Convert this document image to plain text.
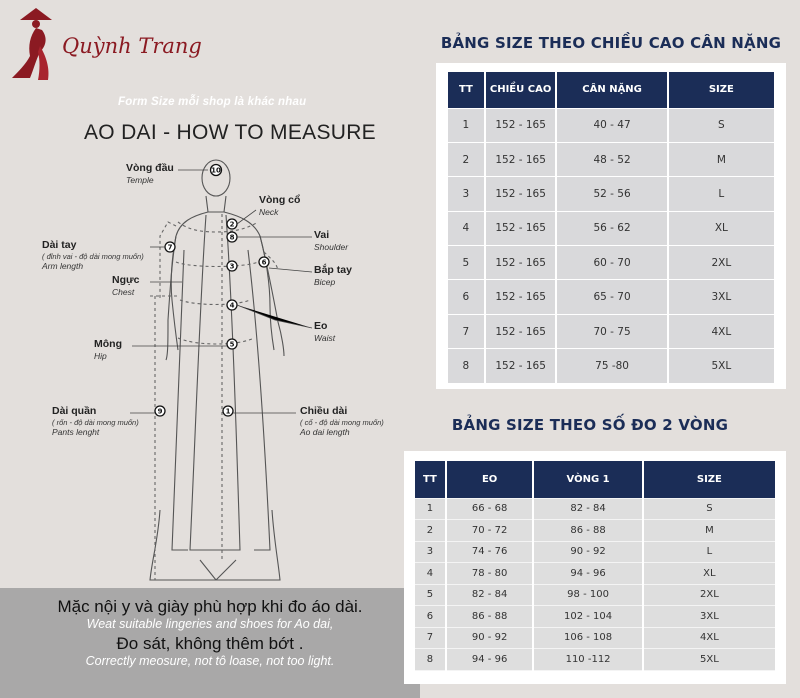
Quỳnh Trang
Form Size mỗi shop là khác nhau
AO DAI - HOW TO MEASURE
10
2
8
7
6
3
4
5
9	1
Vòng đầu
Temple
Vòng cổ
Neck
Vai
Shoulder
Dài tay
( đỉnh vai - độ dài mong muốn)
Arm length	Bắp tay
Bicep
Ngực
Chest
Eo
Waist
Mông
Hip
Dài quần
( rốn - độ dài mong muốn)
Pants lenght
Chiều dài
( cổ - độ dài mong muốn)
Ao dai length
Mặc nội y và giày phù hợp khi đo áo dài.
Weat suitable lingeries and shoes for Ao dai,
Đo sát, không thêm bớt .
Correctly meosure, not tô loase, not too light.
BẢNG SIZE THEO CHIỀU CAO CÂN NẶNG
TT	CHIỀU CAO	CÂN NẶNG	SIZE
1	152 - 165	40 - 47	S
2	152 - 165	48 - 52	M
3	152 - 165	52 - 56	L
4	152 - 165	56 - 62	XL
5	152 - 165	60 - 70	2XL
6	152 - 165	65 - 70	3XL
7	152 - 165	70 - 75	4XL
8	152 - 165	75 -80	5XL
BẢNG SIZE THEO SỐ ĐO 2 VÒNG
TT	EO	VÒNG 1	SIZE
1	66 - 68	82 - 84	S
2	70 - 72	86 - 88	M
3	74 - 76	90 - 92	L
4	78 - 80	94 - 96	XL
5	82 - 84	98 - 100	2XL
6	86 - 88	102 - 104	3XL
7	90 - 92	106 - 108	4XL
8	94 - 96	110 -112	5XL
